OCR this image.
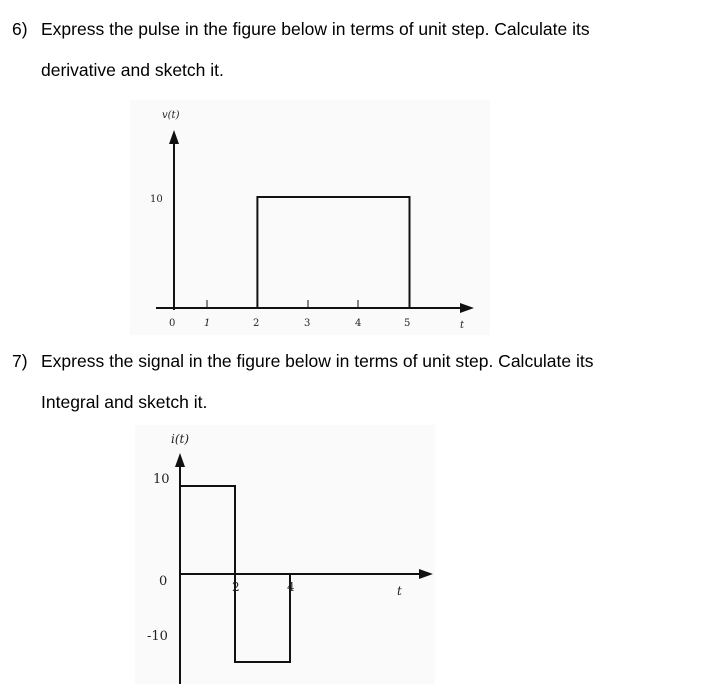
6) Express the pulse in the figure below in terms of unit step. Calculate its
derivative and sketch it.
v(t)
10
0	1	2	3	4	5	t
7) Express the signal in the figure below in terms of unit step. Calculate its
Integral and sketch it.
i(t)
10
0
-10
2	4	t
